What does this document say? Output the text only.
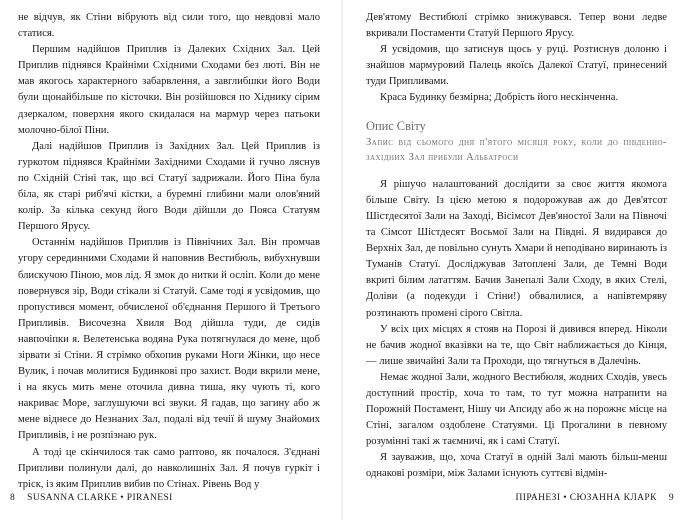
не відчув, як Стіни вібрують від сили того, що невдовзі мало статися.

Першим надійшов Приплив із Далеких Східних Зал. Цей Приплив піднявся Крайніми Східними Сходами без люті. Він не мав якогось характерного забарвлення, а завглибшки його Води були щонайбільше по кісточки. Він розійшовся по Хіднику сірим дзеркалом, поверхня якого скидалася на мармур через патьоки молочно-білої Піни.

Далі надійшов Приплив із Західних Зал. Цей Приплив із гуркотом піднявся Крайніми Західними Сходами й гучно ляснув по Східній Стіні так, що всі Статуї задрижали. Його Піна була біла, як старі риб'ячі кістки, а буремні глибини мали олов'яний колір. За кілька секунд його Води дійшли до Пояса Статуям Першого Ярусу.

Останнім надійшов Приплив із Північних Зал. Він промчав угору серединними Сходами й наповнив Вестибюль, вибухнувши блискучою Піною, мов лід. Я змок до нитки й осліп. Коли до мене повернувся зір, Води стікали зі Статуй. Саме тоді я усвідомив, що пропустився момент, обчисленої об'єднання Першого й Третього Припливів. Височезна Хвиля Вод дійшла туди, де сидів навпочіпки я. Велетенська водяна Рука потягнулася до мене, щоб зірвати зі Стіни. Я стрімко обхопив руками Ноги Жінки, що несе Вулик, і почав молитися Будинкові про захист. Води вкрили мене, і на якусь мить мене оточила дивна тиша, яку чують ті, кого накриває Море, заглушуючи всі звуки. Я гадав, що загину або ж мене віднесе до Незнаних Зал, подалі від течії й шуму Знайомих Припливів, і не розпізнаю рук.

А тоді це скінчилося так само раптово, як почалося. З'єднані Припливи полинули далі, до навколишніх Зал. Я почув гуркіт і тріск, із яким Приплив вибив по Стінах. Рівень Вод у

8 SUSANNA CLARKE • PIRANESI

Дев'ятому Вестибюлі стрімко знижувався. Тепер вони ледве вкривали Постаменти Статуй Першого Ярусу.

Я усвідомив, що затиснув щось у руці. Розтиснув долоню і знайшов мармуровий Палець якоїсь Далекої Статуї, принесений туди Припливами.

Краса Будинку безмірна; Добрість його нескінченна.

Опис Світу

Запис від сьомого дня п'ятого місяця року, коли до південно-західних Зал прибули Альбатроси

Я рішучо налаштований дослідити за своє життя якомога більше Світу. Із цією метою я подорожував аж до Дев'ятсот Шістдесятої Зали на Заході, Вісімсот Дев'яностої Зали на Півночі та Сімсот Шістдесят Восьмої Зали на Півдні. Я видирався до Верхніх Зал, де повільно сунуть Хмари й неподівано виринають із Туманів Статуї. Досліджував Затоплені Зали, де Темні Води вкриті білим лататтям. Бачив Занепалі Зали Сходу, в яких Стелі, Доліви (а подекуди і Стіни!) обвалилися, а напівтемряву розтинають промені сірого Світла.

У всіх цих місцях я стояв на Порозі й дивився вперед. Ніколи не бачив жодної вказівки на те, що Світ наближається до Кінця, — лише звичайні Зали та Проходи, що тягнуться в Далечінь.

Немає жодної Зали, жодного Вестибюля, жодних Сходів, увесь доступний простір, хоча то там, то тут можна натрапити на Порожній Постамент, Нішу чи Апсиду або ж на порожнє місце на Стіні, загалом оздоблене Статуями. Ці Прогалини в певному розумінні такі ж таємничі, як і самі Статуї.

Я зауважив, що, хоча Статуї в одній Залі мають більш-менш однакові розміри, між Залами існують суттєві відмін-

ПІРАНЕЗІ • СЮЗАННА КЛАРК 9
